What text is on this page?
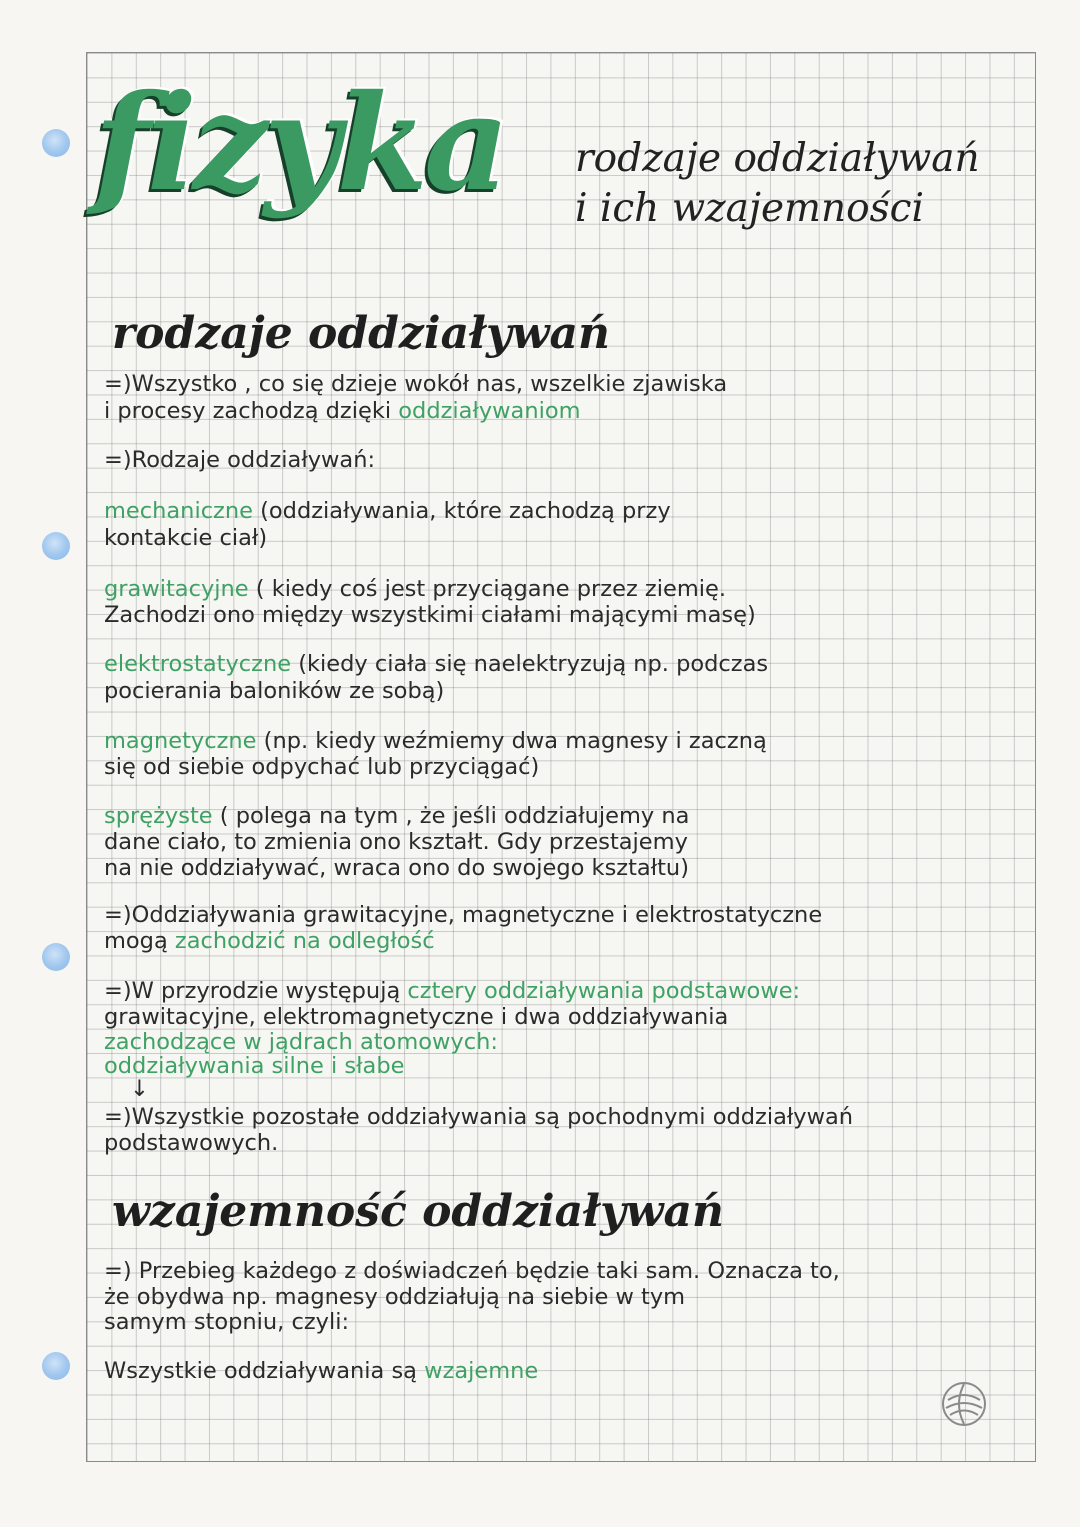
fizyka rodzaje oddziaływań
i ich wzajemności
rodzaje oddziaływań
=)Wszystko , co się dzieje wokół nas, wszelkie zjawiska
i procesy zachodzą dzięki oddziaływaniom
=)Rodzaje oddziaływań:
mechaniczne (oddziaływania, które zachodzą przy
kontakcie ciał)
grawitacyjne ( kiedy coś jest przyciągane przez ziemię.
Zachodzi ono między wszystkimi ciałami mającymi masę)
elektrostatyczne (kiedy ciała się naelektryzują np. podczas
pocierania baloników ze sobą)
magnetyczne (np. kiedy weźmiemy dwa magnesy i zaczną
się od siebie odpychać lub przyciągać)
sprężyste ( polega na tym , że jeśli oddziałujemy na
dane ciało, to zmienia ono kształt. Gdy przestajemy
na nie oddziaływać, wraca ono do swojego kształtu)
=)Oddziaływania grawitacyjne, magnetyczne i elektrostatyczne
mogą zachodzić na odległość
=)W przyrodzie występują cztery oddziaływania podstawowe:
grawitacyjne, elektromagnetyczne i dwa oddziaływania
zachodzące w jądrach atomowych:
oddziaływania silne i słabe
↓
=)Wszystkie pozostałe oddziaływania są pochodnymi oddziaływań
podstawowych.
wzajemność oddziaływań
=) Przebieg każdego z doświadczeń będzie taki sam. Oznacza to,
że obydwa np. magnesy oddziałują na siebie w tym
samym stopniu, czyli:
Wszystkie oddziaływania są wzajemne
